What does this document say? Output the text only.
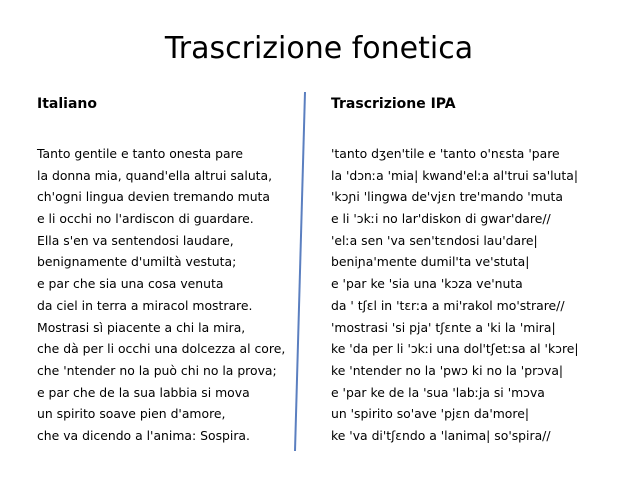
Trascrizione fonetica
Italiano	Trascrizione IPA
Tanto gentile e tanto onesta pare
la donna mia, quand'ella altrui saluta,
ch'ogni lingua devien tremando muta
e li occhi no l'ardiscon di guardare.
Ella s'en va sentendosi laudare,
benignamente d'umiltà vestuta;
e par che sia una cosa venuta
da ciel in terra a miracol mostrare.
Mostrasi sì piacente a chi la mira,
che dà per li occhi una dolcezza al core,
che 'ntender no la può chi no la prova;
e par che de la sua labbia si mova
un spirito soave pien d'amore,
che va dicendo a l'anima: Sospira.
'tanto dʒen'tile e 'tanto o'nɛsta 'pare
la 'dɔnːa 'mia| kwand'elːa al'trui sa'luta|
'kɔɲi 'lingwa de'vjɛn tre'mando 'muta
e li 'ɔkːi no lar'diskon di gwar'dare//
'elːa sen 'va sen'tɛndosi lau'dare|
beniɲa'mente dumil'ta ve'stuta|
e 'par ke 'sia una 'kɔza ve'nuta
da ' tʃɛl in 'tɛrːa a mi'rakol mo'strare//
'mostrasi 'si pja' tʃɛnte a 'ki la 'mira|
ke 'da per li 'ɔkːi una dol'tʃetːsa al 'kɔre|
ke 'ntender no la 'pwɔ ki no la 'prɔva|
e 'par ke de la 'sua 'labːja si 'mɔva
un 'spirito so'ave 'pjɛn da'more|
ke 'va di'tʃɛndo a 'lanima| so'spira//
